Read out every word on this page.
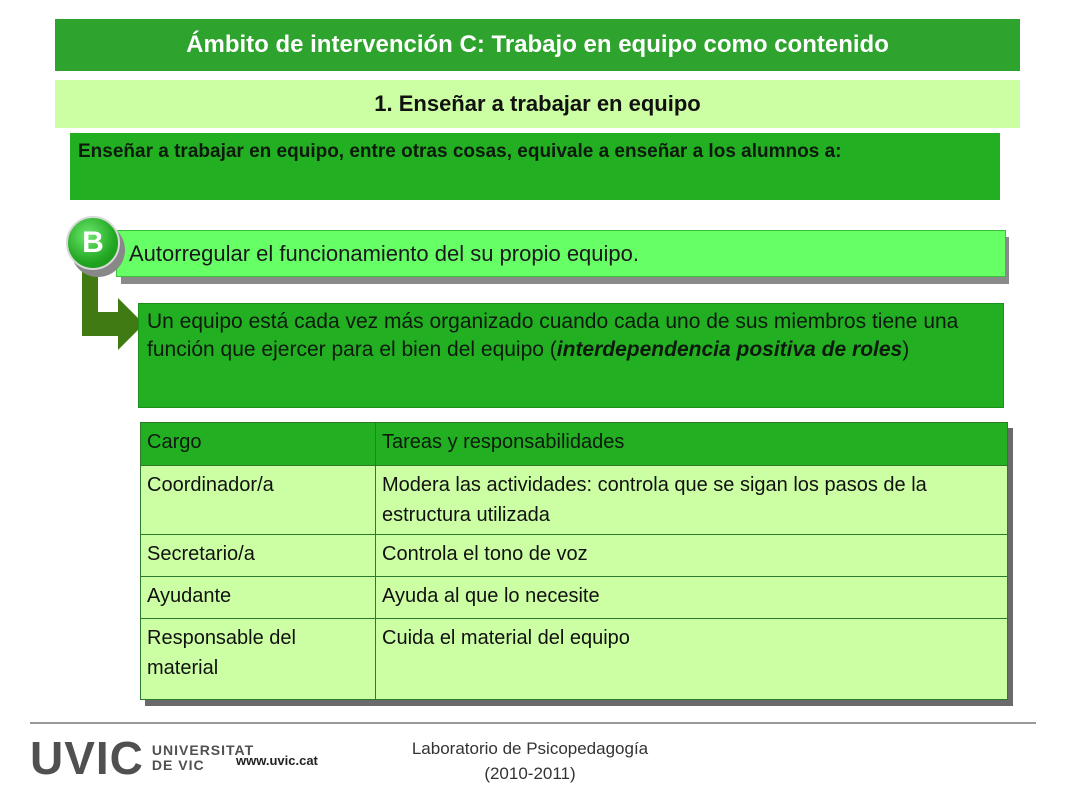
Ámbito de intervención C: Trabajo en equipo como contenido
1. Enseñar a trabajar en equipo
Enseñar a trabajar en equipo, entre otras cosas, equivale a enseñar a los alumnos a:
Autorregular el funcionamiento del su propio equipo.
B
Un equipo está cada vez más organizado cuando cada uno de sus miembros tiene una función que ejercer para el bien del equipo (interdependencia positiva de roles)
Cargo	Tareas y responsabilidades
Coordinador/a	Modera las actividades: controla que se sigan los pasos de la estructura utilizada
Secretario/a	Controla el tono de voz
Ayudante	Ayuda al que lo necesite
Responsable del material	Cuida el material del equipo
UVIC UNIVERSITAT
DE VIC	www.uvic.cat
Laboratorio de Psicopedagogía
(2010-2011)
